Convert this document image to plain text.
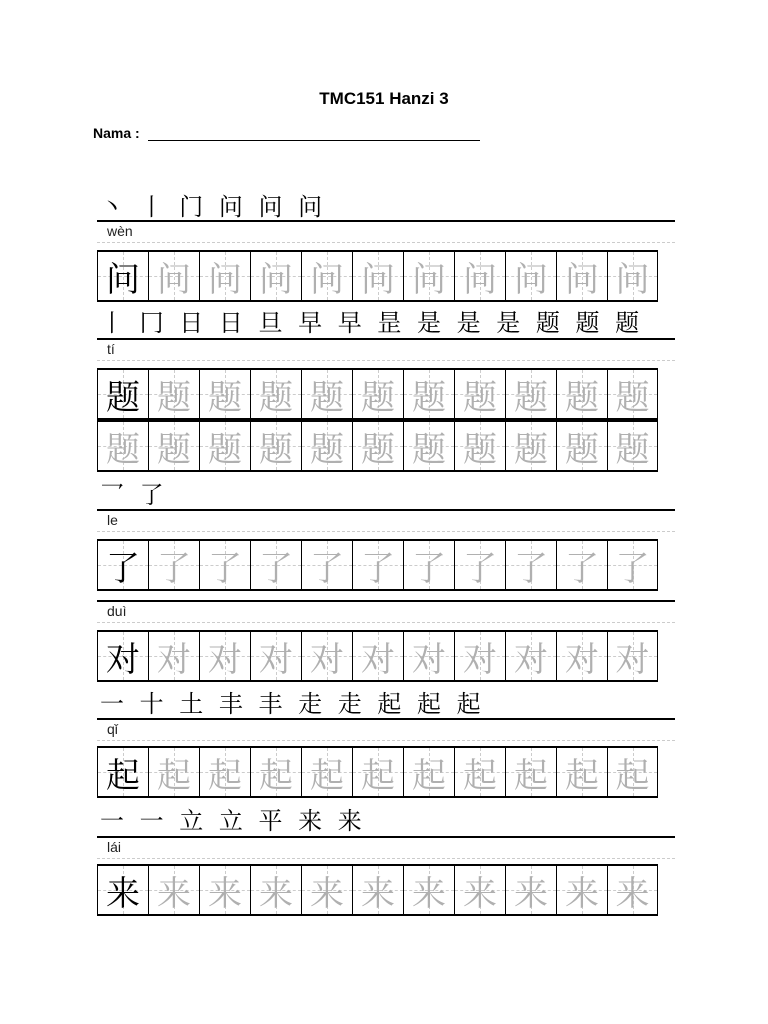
TMC151 Hanzi 3
Nama :
丶 丨 门 问 问 问
wèn
问 问 问 问 问 问 问 问 问 问 问
丨 冂 日 日 旦 早 早 昰 是 是 是 题 题 题
tí
题 题 题 题 题 题 题 题 题 题 题
题 题 题 题 题 题 题 题 题 题 题
乛 了
le
了 了 了 了 了 了 了 了 了 了 了
duì
对 对 对 对 对 对 对 对 对 对 对
一 十 土 丰 丰 走 走 起 起 起
qǐ
起 起 起 起 起 起 起 起 起 起 起
一 一 立 立 平 来 来
lái
来 来 来 来 来 来 来 来 来 来 来
